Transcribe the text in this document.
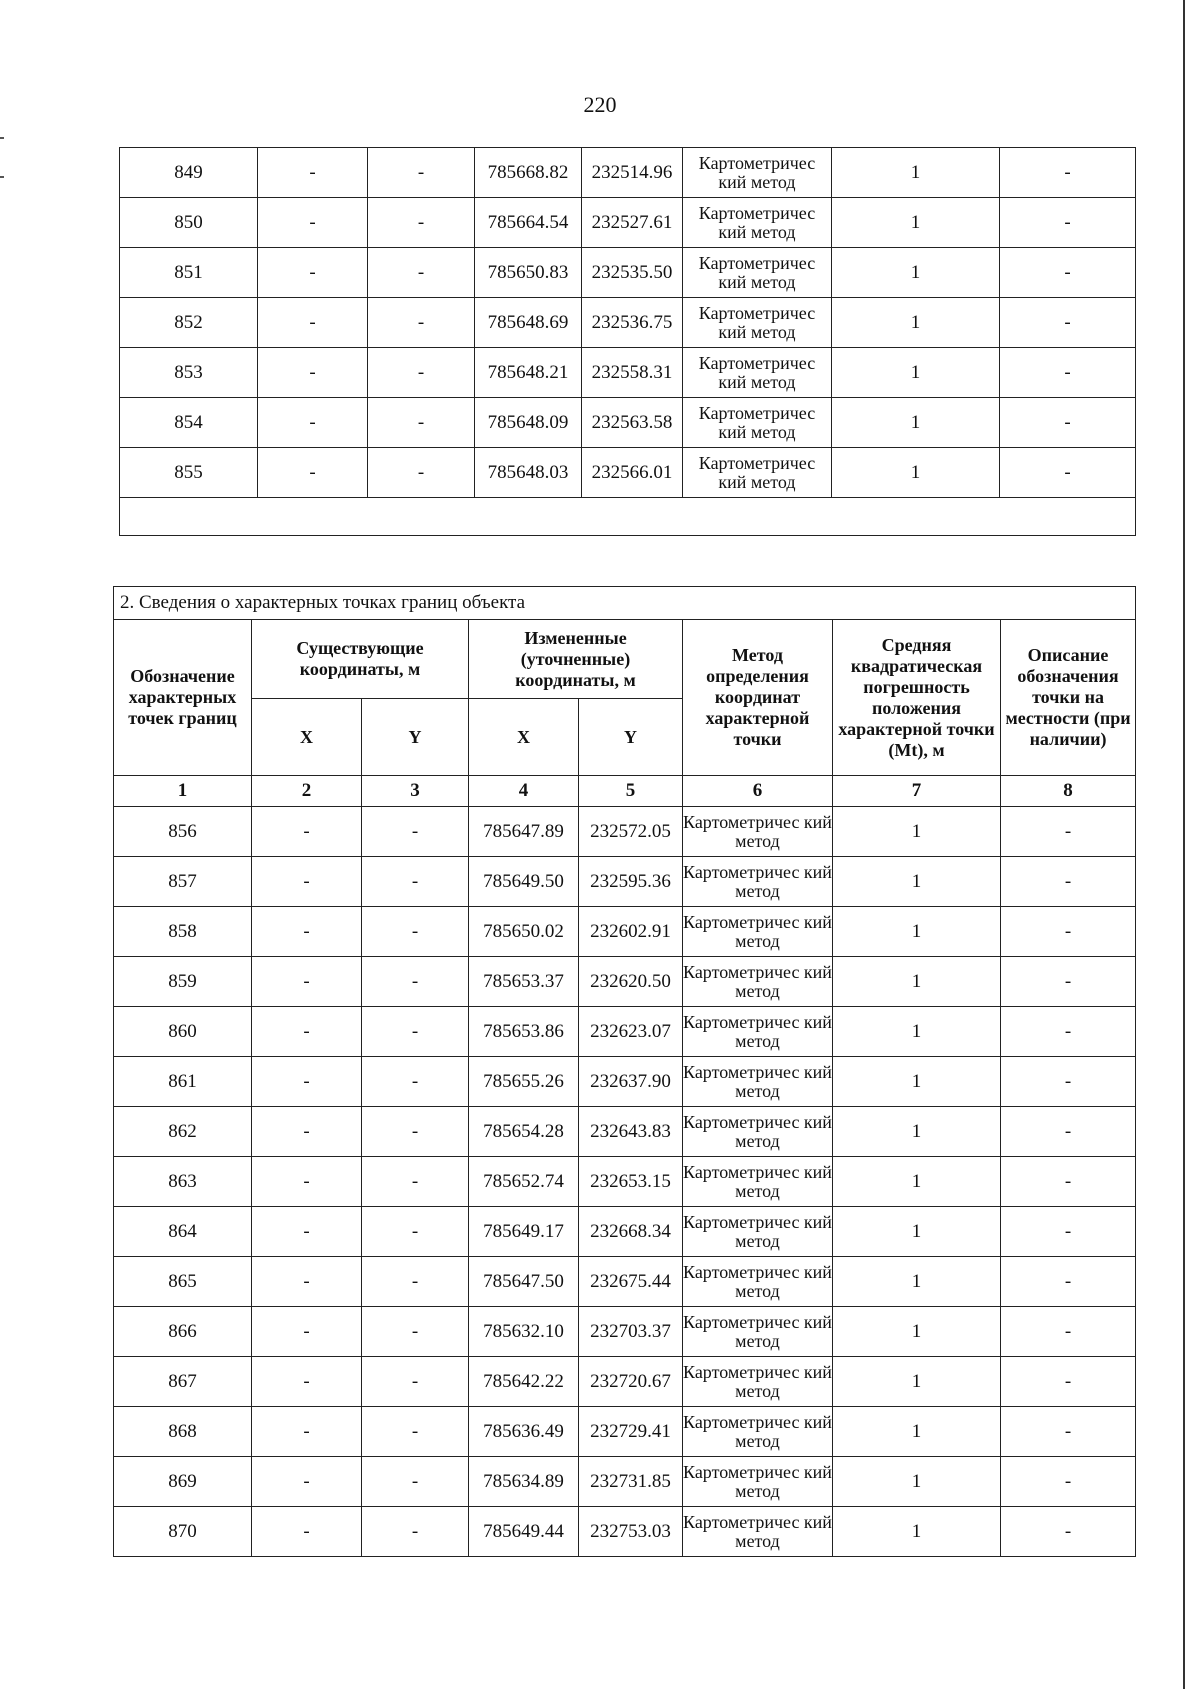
220
849	-	-	785668.82	232514.96	Картометричес кий метод	1	-
850	-	-	785664.54	232527.61	Картометричес кий метод	1	-
851	-	-	785650.83	232535.50	Картометричес кий метод	1	-
852	-	-	785648.69	232536.75	Картометричес кий метод	1	-
853	-	-	785648.21	232558.31	Картометричес кий метод	1	-
854	-	-	785648.09	232563.58	Картометричес кий метод	1	-
855	-	-	785648.03	232566.01	Картометричес кий метод	1	-

2. Сведения о характерных точках границ объекта							
Обозначение характерных точек границ	Существующие координаты, м		Измененные (уточненные) координаты, м		Метод определения координат характерной точки	Средняя квадратическая погрешность положения характерной точки (Mt), м	Описание обозначения точки на местности (при наличии)
	X	Y	X	Y			
1	2	3	4	5	6	7	8
856	-	-	785647.89	232572.05	Картометричес кий метод	1	-
857	-	-	785649.50	232595.36	Картометричес кий метод	1	-
858	-	-	785650.02	232602.91	Картометричес кий метод	1	-
859	-	-	785653.37	232620.50	Картометричес кий метод	1	-
860	-	-	785653.86	232623.07	Картометричес кий метод	1	-
861	-	-	785655.26	232637.90	Картометричес кий метод	1	-
862	-	-	785654.28	232643.83	Картометричес кий метод	1	-
863	-	-	785652.74	232653.15	Картометричес кий метод	1	-
864	-	-	785649.17	232668.34	Картометричес кий метод	1	-
865	-	-	785647.50	232675.44	Картометричес кий метод	1	-
866	-	-	785632.10	232703.37	Картометричес кий метод	1	-
867	-	-	785642.22	232720.67	Картометричес кий метод	1	-
868	-	-	785636.49	232729.41	Картометричес кий метод	1	-
869	-	-	785634.89	232731.85	Картометричес кий метод	1	-
870	-	-	785649.44	232753.03	Картометричес кий метод	1	-
